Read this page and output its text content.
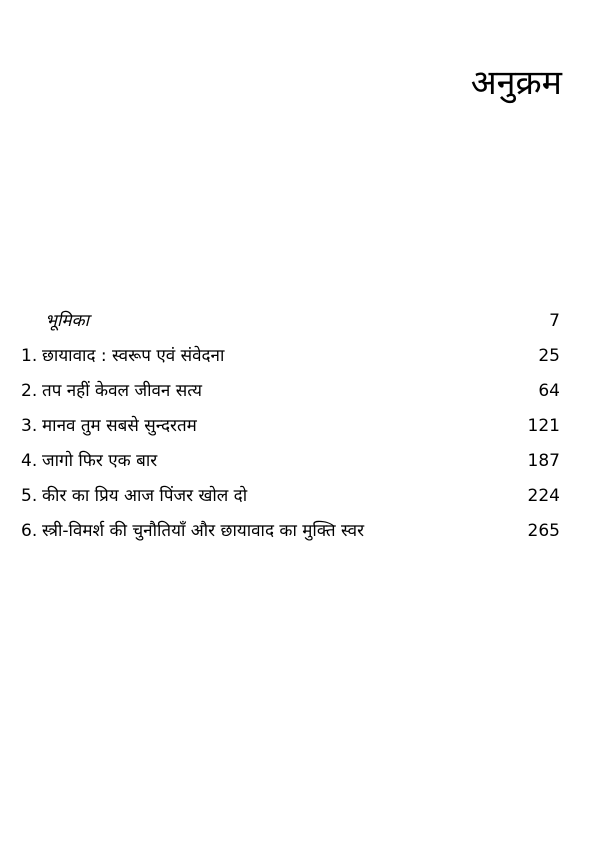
अनुक्रम
भूमिका	7
1. छायावाद : स्वरूप एवं संवेदना	25
2. तप नहीं केवल जीवन सत्य	64
3. मानव तुम सबसे सुन्दरतम	121
4. जागो फिर एक बार	187
5. कीर का प्रिय आज पिंजर खोल दो	224
6. स्त्री-विमर्श की चुनौतियाँ और छायावाद का मुक्ति स्वर	265
